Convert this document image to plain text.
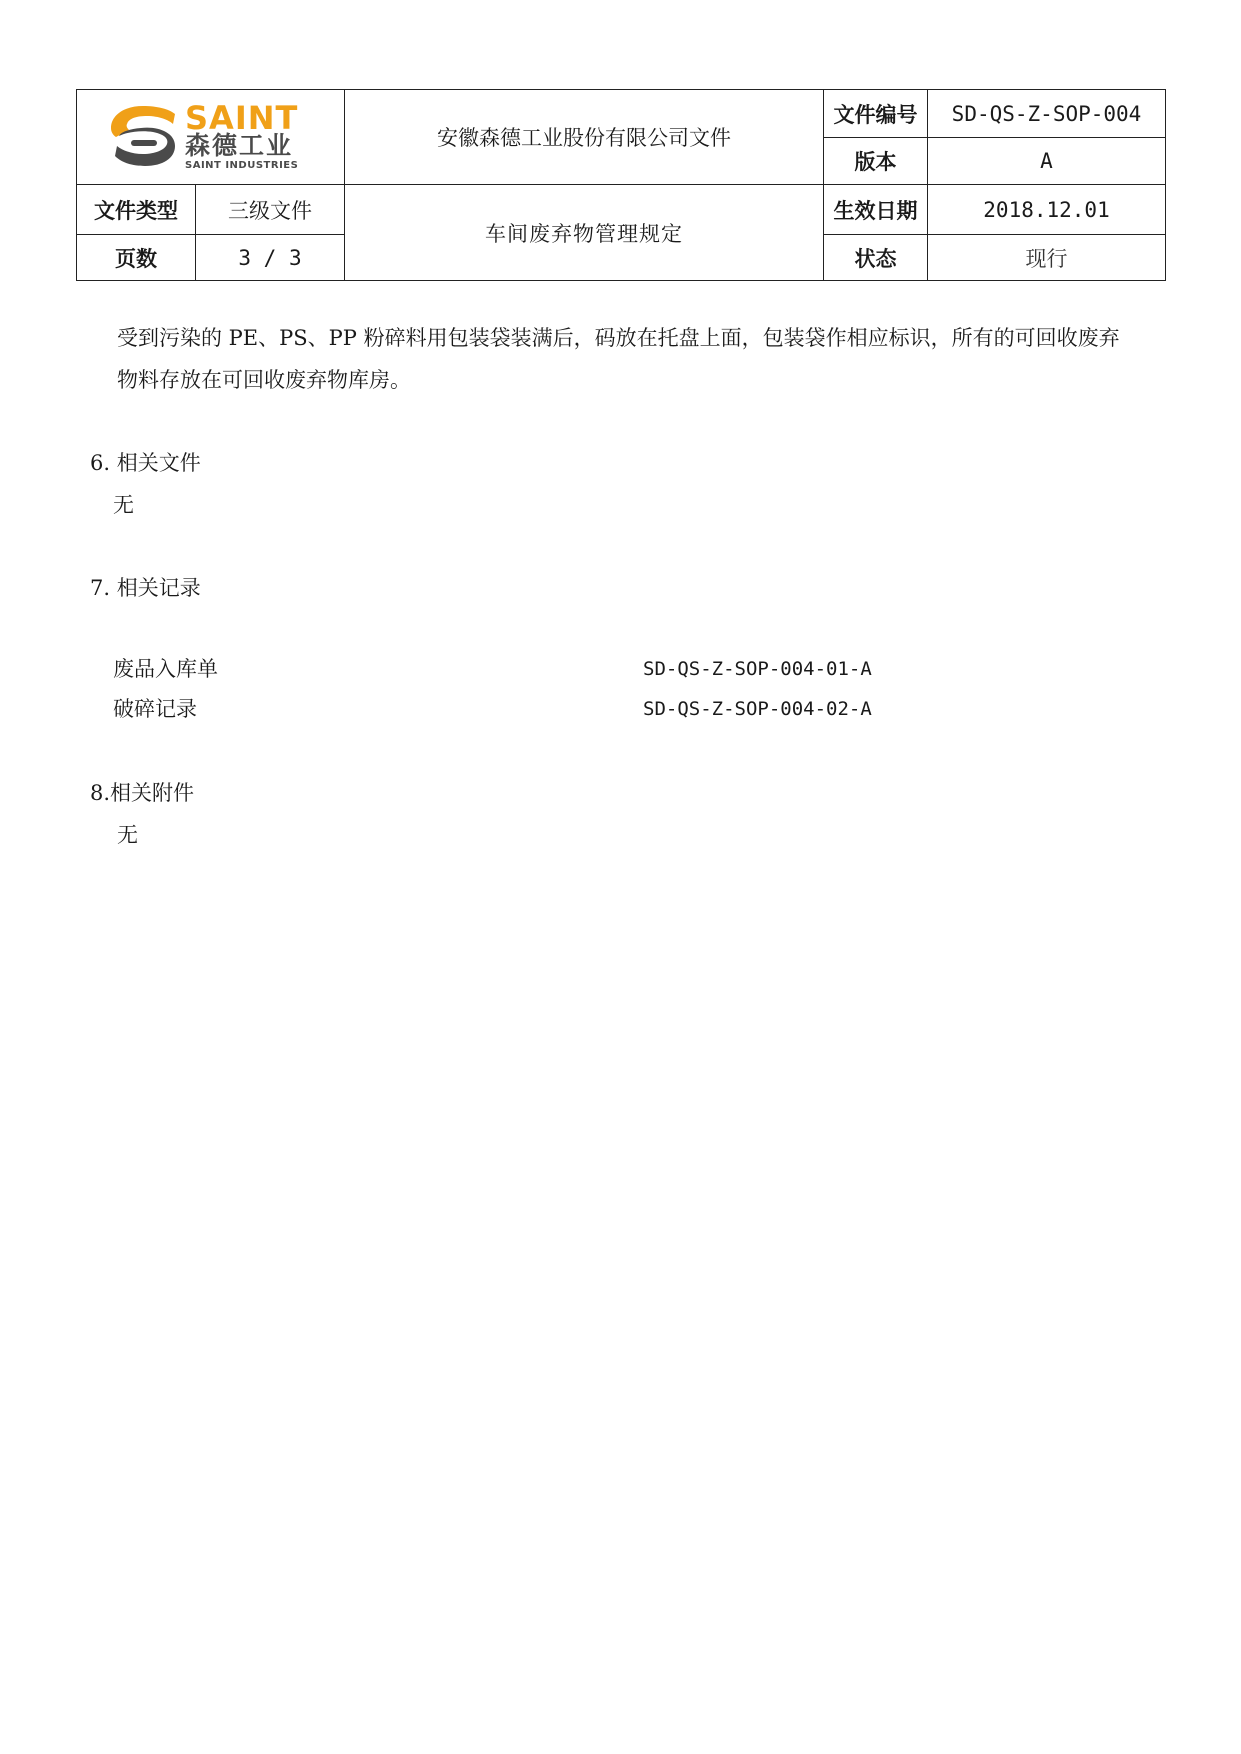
SAINT
森德工业
SAINT INDUSTRIES		安徽森德工业股份有限公司文件	文件编号	SD-QS-Z-SOP-004
			版本	A
文件类型	三级文件	车间废弃物管理规定	生效日期	2018.12.01
页数	3 / 3		状态	现行
受到污染的 PE、PS、PP 粉碎料用包装袋装满后，码放在托盘上面，包装袋作相应标识，所有的可回收废弃
物料存放在可回收废弃物库房。
6. 相关文件
无
7. 相关记录
废品入库单	SD-QS-Z-SOP-004-01-A
破碎记录	SD-QS-Z-SOP-004-02-A
8.相关附件
无
